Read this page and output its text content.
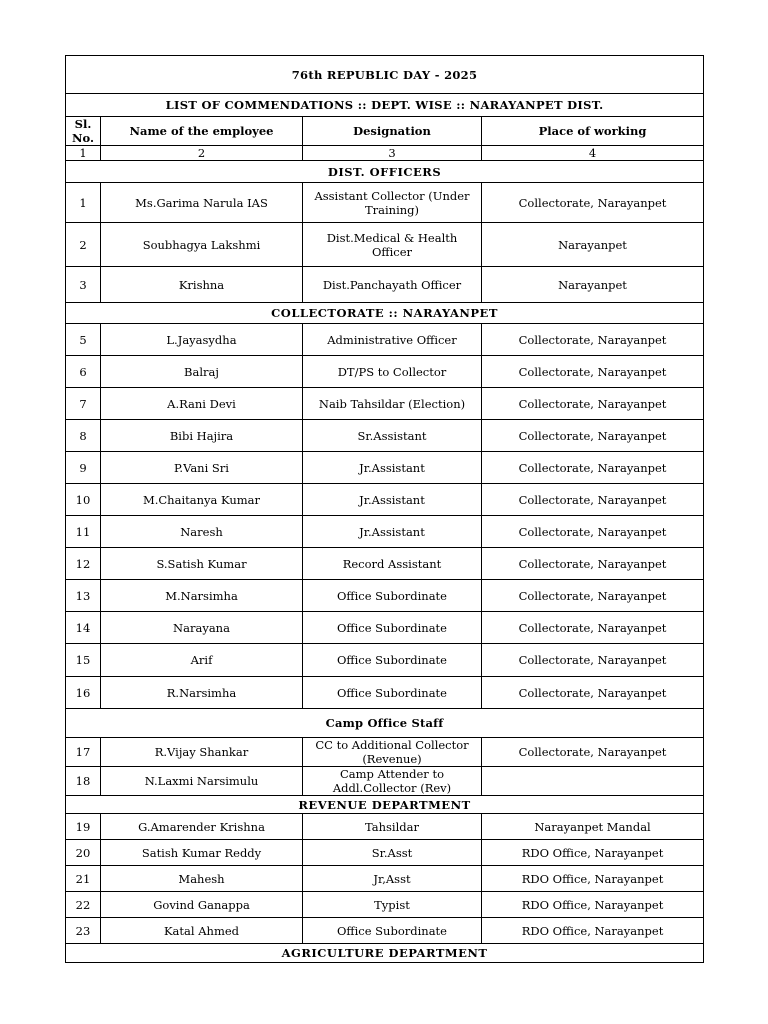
76th REPUBLIC DAY - 2025			
LIST OF COMMENDATIONS :: DEPT. WISE :: NARAYANPET DIST.			
Sl. No.	Name of the employee	Designation	Place of working
1	2	3	4
DIST. OFFICERS			
1	Ms.Garima Narula IAS	Assistant Collector (Under Training)	Collectorate, Narayanpet
2	Soubhagya Lakshmi	Dist.Medical & Health Officer	Narayanpet
3	Krishna	Dist.Panchayath Officer	Narayanpet
COLLECTORATE :: NARAYANPET			
5	L.Jayasydha	Administrative Officer	Collectorate, Narayanpet
6	Balraj	DT/PS to Collector	Collectorate, Narayanpet
7	A.Rani Devi	Naib Tahsildar (Election)	Collectorate, Narayanpet
8	Bibi Hajira	Sr.Assistant	Collectorate, Narayanpet
9	P.Vani Sri	Jr.Assistant	Collectorate, Narayanpet
10	M.Chaitanya Kumar	Jr.Assistant	Collectorate, Narayanpet
11	Naresh	Jr.Assistant	Collectorate, Narayanpet
12	S.Satish Kumar	Record Assistant	Collectorate, Narayanpet
13	M.Narsimha	Office Subordinate	Collectorate, Narayanpet
14	Narayana	Office Subordinate	Collectorate, Narayanpet
15	Arif	Office Subordinate	Collectorate, Narayanpet
16	R.Narsimha	Office Subordinate	Collectorate, Narayanpet
Camp Office Staff			
17	R.Vijay Shankar	CC to Additional Collector (Revenue)	Collectorate, Narayanpet
18	N.Laxmi Narsimulu	Camp Attender to Addl.Collector (Rev)	
REVENUE DEPARTMENT			
19	G.Amarender Krishna	Tahsildar	Narayanpet Mandal
20	Satish Kumar Reddy	Sr.Asst	RDO Office, Narayanpet
21	Mahesh	Jr,Asst	RDO Office, Narayanpet
22	Govind Ganappa	Typist	RDO Office, Narayanpet
23	Katal Ahmed	Office Subordinate	RDO Office, Narayanpet
AGRICULTURE DEPARTMENT			
